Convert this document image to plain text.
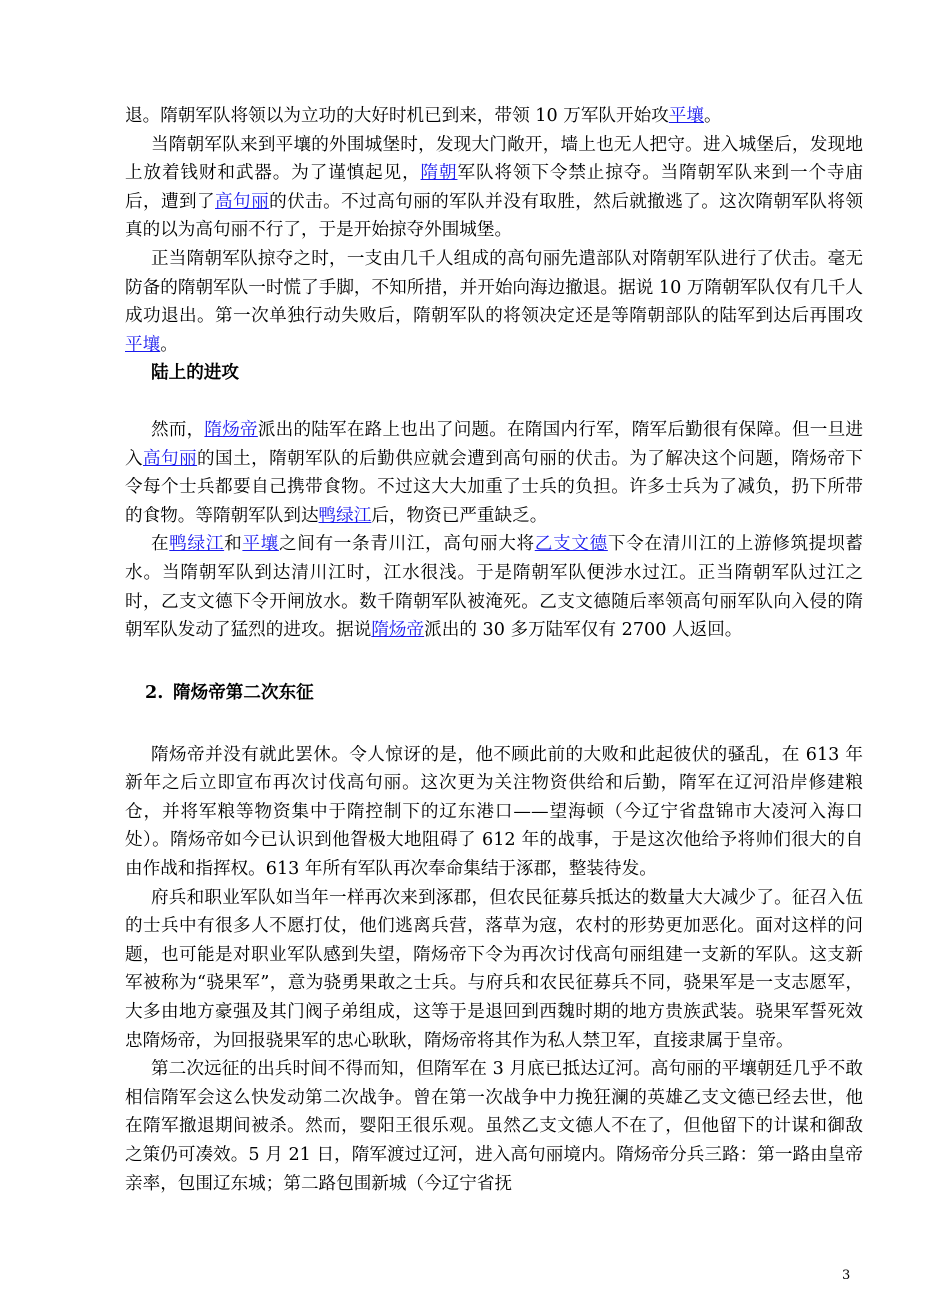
退。隋朝军队将领以为立功的大好时机已到来，带领 10 万军队开始攻平壤。

当隋朝军队来到平壤的外围城堡时，发现大门敞开，墙上也无人把守。进入城堡后，发现地上放着钱财和武器。为了谨慎起见，隋朝军队将领下令禁止掠夺。当隋朝军队来到一个寺庙后，遭到了高句丽的伏击。不过高句丽的军队并没有取胜，然后就撤逃了。这次隋朝军队将领真的以为高句丽不行了，于是开始掠夺外围城堡。

正当隋朝军队掠夺之时，一支由几千人组成的高句丽先遣部队对隋朝军队进行了伏击。毫无防备的隋朝军队一时慌了手脚，不知所措，并开始向海边撤退。据说 10 万隋朝军队仅有几千人成功退出。第一次单独行动失败后，隋朝军队的将领决定还是等隋朝部队的陆军到达后再围攻平壤。

陆上的进攻

然而，隋炀帝派出的陆军在路上也出了问题。在隋国内行军，隋军后勤很有保障。但一旦进入高句丽的国土，隋朝军队的后勤供应就会遭到高句丽的伏击。为了解决这个问题，隋炀帝下令每个士兵都要自己携带食物。不过这大大加重了士兵的负担。许多士兵为了减负，扔下所带的食物。等隋朝军队到达鸭绿江后，物资已严重缺乏。

在鸭绿江和平壤之间有一条青川江，高句丽大将乙支文德下令在清川江的上游修筑提坝蓄水。当隋朝军队到达清川江时，江水很浅。于是隋朝军队便涉水过江。正当隋朝军队过江之时，乙支文德下令开闸放水。数千隋朝军队被淹死。乙支文德随后率领高句丽军队向入侵的隋朝军队发动了猛烈的进攻。据说隋炀帝派出的 30 多万陆军仅有 2700 人返回。

2. 隋炀帝第二次东征

隋炀帝并没有就此罢休。令人惊讶的是，他不顾此前的大败和此起彼伏的骚乱，在 613 年新年之后立即宣布再次讨伐高句丽。这次更为关注物资供给和后勤，隋军在辽河沿岸修建粮仓，并将军粮等物资集中于隋控制下的辽东港口——望海顿（今辽宁省盘锦市大凌河入海口处）。隋炀帝如今已认识到他眢极大地阻碍了 612 年的战事，于是这次他给予将帅们很大的自由作战和指挥权。613 年所有军队再次奉命集结于涿郡，整装待发。

府兵和职业军队如当年一样再次来到涿郡，但农民征募兵抵达的数量大大减少了。征召入伍的士兵中有很多人不愿打仗，他们逃离兵营，落草为寇，农村的形势更加恶化。面对这样的问题，也可能是对职业军队感到失望，隋炀帝下令为再次讨伐高句丽组建一支新的军队。这支新军被称为“骁果军”，意为骁勇果敢之士兵。与府兵和农民征募兵不同，骁果军是一支志愿军，大多由地方豪强及其门阀子弟组成，这等于是退回到西魏时期的地方贵族武装。骁果军誓死效忠隋炀帝，为回报骁果军的忠心耿耿，隋炀帝将其作为私人禁卫军，直接隶属于皇帝。

第二次远征的出兵时间不得而知，但隋军在 3 月底已抵达辽河。高句丽的平壤朝廷几乎不敢相信隋军会这么快发动第二次战争。曾在第一次战争中力挽狂澜的英雄乙支文德已经去世，他在隋军撤退期间被杀。然而，婴阳王很乐观。虽然乙支文德人不在了，但他留下的计谋和御敌之策仍可凑效。5 月 21 日，隋军渡过辽河，进入高句丽境内。隋炀帝分兵三路：第一路由皇帝亲率，包围辽东城；第二路包围新城（今辽宁省抚

3
